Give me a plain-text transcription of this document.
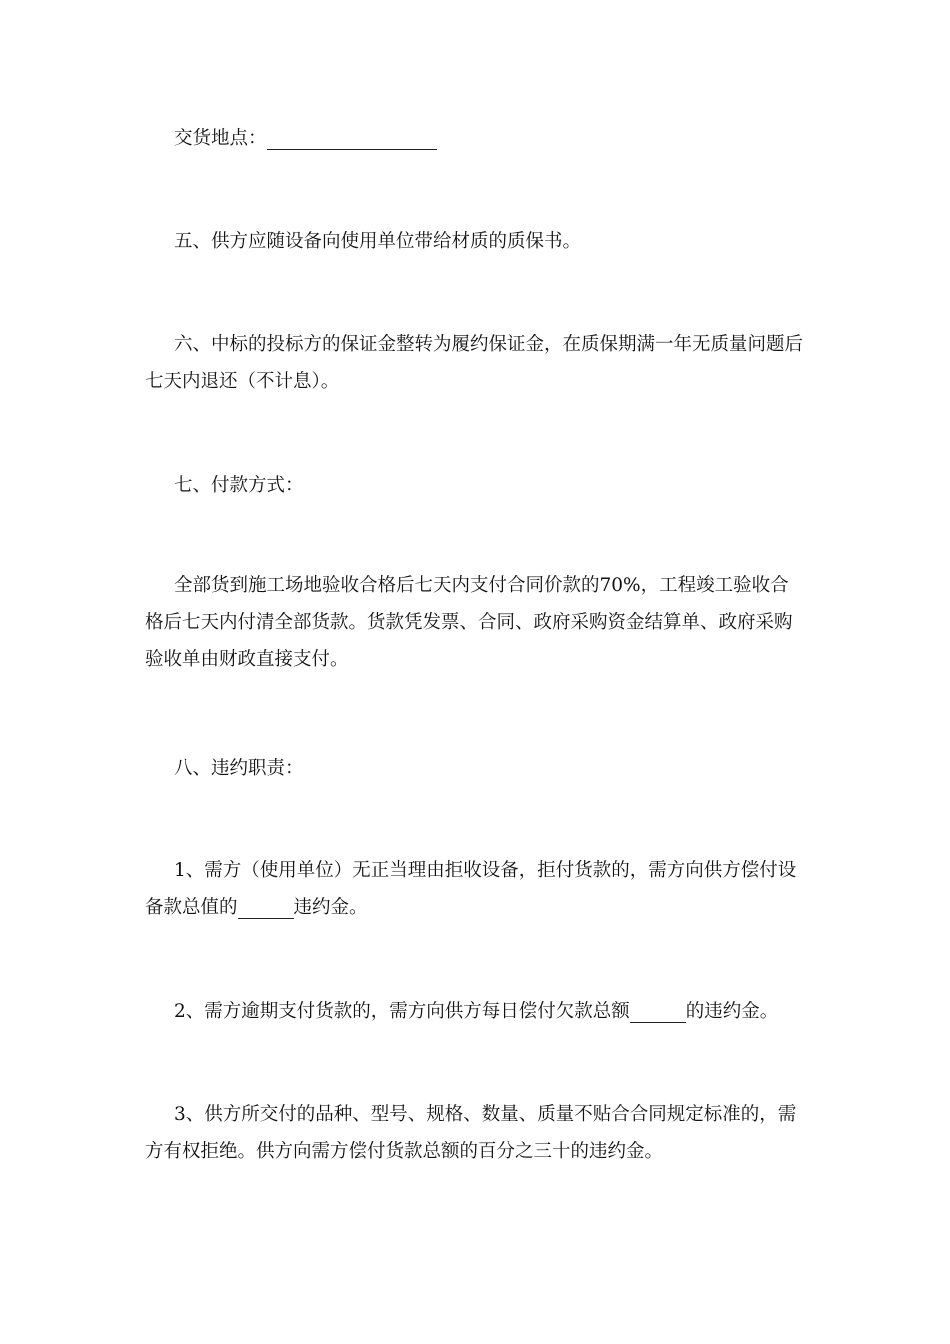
交货地点：
五、供方应随设备向使用单位带给材质的质保书。
六、中标的投标方的保证金整转为履约保证金，在质保期满一年无质量问题后七天内退还（不计息）。
七、付款方式：
全部货到施工场地验收合格后七天内支付合同价款的70%，工程竣工验收合格后七天内付清全部货款。货款凭发票、合同、政府采购资金结算单、政府采购验收单由财政直接支付。
八、违约职责：
1、需方（使用单位）无正当理由拒收设备，拒付货款的，需方向供方偿付设备款总值的	违约金。
2、需方逾期支付货款的，需方向供方每日偿付欠款总额	的违约金。
3、供方所交付的品种、型号、规格、数量、质量不贴合合同规定标准的，需方有权拒绝。供方向需方偿付货款总额的百分之三十的违约金。
